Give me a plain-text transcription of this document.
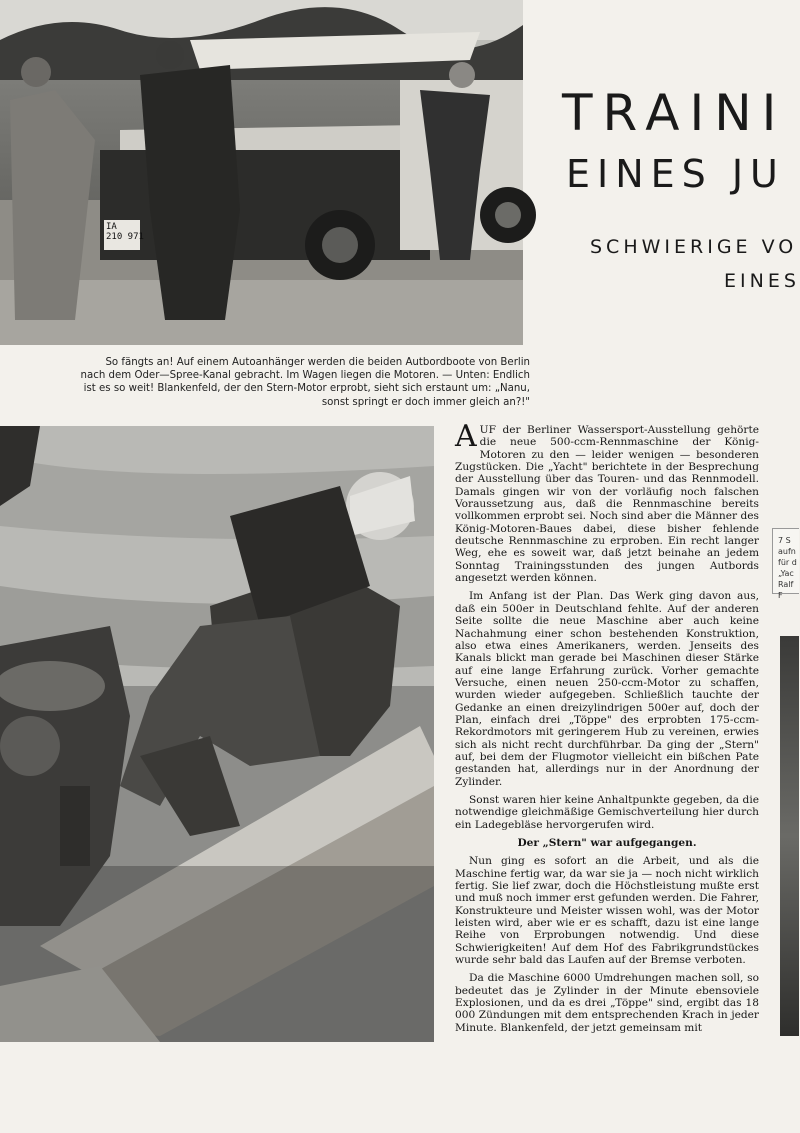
IA
210 971
TRAINI
EINES JU
SCHWIERIGE VO
EINES
So fängts an! Auf einem Autoanhänger werden die beiden Autbordboote von Berlin
nach dem Oder—Spree-Kanal gebracht. Im Wagen liegen die Motoren. — Unten: Endlich
ist es so weit! Blankenfeld, der den Stern-Motor erprobt, sieht sich erstaunt um: „Nanu,
sonst springt er doch immer gleich an?!"

AUF der Berliner Wassersport-Ausstellung gehörte die neue 500-ccm-Rennmaschine der König-Motoren zu den — leider wenigen — besonderen Zugstücken. Die „Yacht" berichtete in der Besprechung der Ausstellung über das Touren- und das Rennmodell. Damals gingen wir von der vorläufig noch falschen Voraussetzung aus, daß die Rennmaschine bereits vollkommen erprobt sei. Noch sind aber die Männer des König-Motoren-Baues dabei, diese bisher fehlende deutsche Rennmaschine zu erproben. Ein recht langer Weg, ehe es soweit war, daß jetzt beinahe an jedem Sonntag Trainingsstunden des jungen Autbords angesetzt werden können.

Im Anfang ist der Plan. Das Werk ging davon aus, daß ein 500er in Deutschland fehlte. Auf der anderen Seite sollte die neue Maschine aber auch keine Nachahmung einer schon bestehenden Konstruktion, also etwa eines Amerikaners, werden. Jenseits des Kanals blickt man gerade bei Maschinen dieser Stärke auf eine lange Erfahrung zurück. Vorher gemachte Versuche, einen neuen 250-ccm-Motor zu schaffen, wurden wieder aufgegeben. Schließlich tauchte der Gedanke an einen dreizylindrigen 500er auf, doch der Plan, einfach drei „Töppe" des erprobten 175-ccm-Rekordmotors mit geringerem Hub zu vereinen, erwies sich als nicht recht durchführbar. Da ging der „Stern" auf, bei dem der Flugmotor vielleicht ein bißchen Pate gestanden hat, allerdings nur in der Anordnung der Zylinder.

Sonst waren hier keine Anhaltpunkte gegeben, da die notwendige gleichmäßige Gemischverteilung hier durch ein Ladegebläse hervorgerufen wird.

Der „Stern" war aufgegangen.

Nun ging es sofort an die Arbeit, und als die Maschine fertig war, da war sie ja — noch nicht wirklich fertig. Sie lief zwar, doch die Höchstleistung mußte erst und muß noch immer erst gefunden werden. Die Fahrer, Konstrukteure und Meister wissen wohl, was der Motor leisten wird, aber wie er es schafft, dazu ist eine lange Reihe von Erprobungen notwendig. Und diese Schwierigkeiten! Auf dem Hof des Fabrikgrundstückes wurde sehr bald das Laufen auf der Bremse verboten.

Da die Maschine 6000 Umdrehungen machen soll, so bedeutet das je Zylinder in der Minute ebensoviele Explosionen, und da es drei „Töppe" sind, ergibt das 18 000 Zündungen mit dem entsprechenden Krach in jeder Minute. Blankenfeld, der jetzt gemeinsam mit

7 S
aufn
für d
„Yac
Ralf F
